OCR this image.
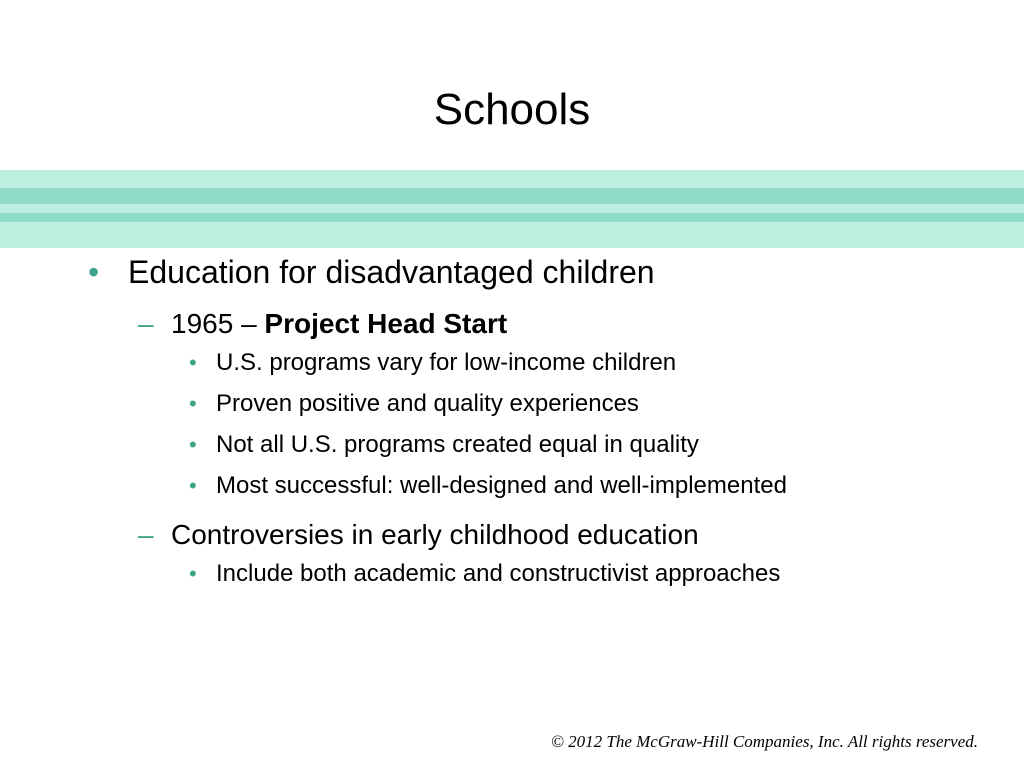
Schools
• Education for disadvantaged children
– 1965 – Project Head Start
• U.S. programs vary for low-income children
• Proven positive and quality experiences
• Not all U.S. programs created equal in quality
• Most successful: well-designed and well-implemented
– Controversies in early childhood education
• Include both academic and constructivist approaches
© 2012 The McGraw-Hill Companies, Inc. All rights reserved.
